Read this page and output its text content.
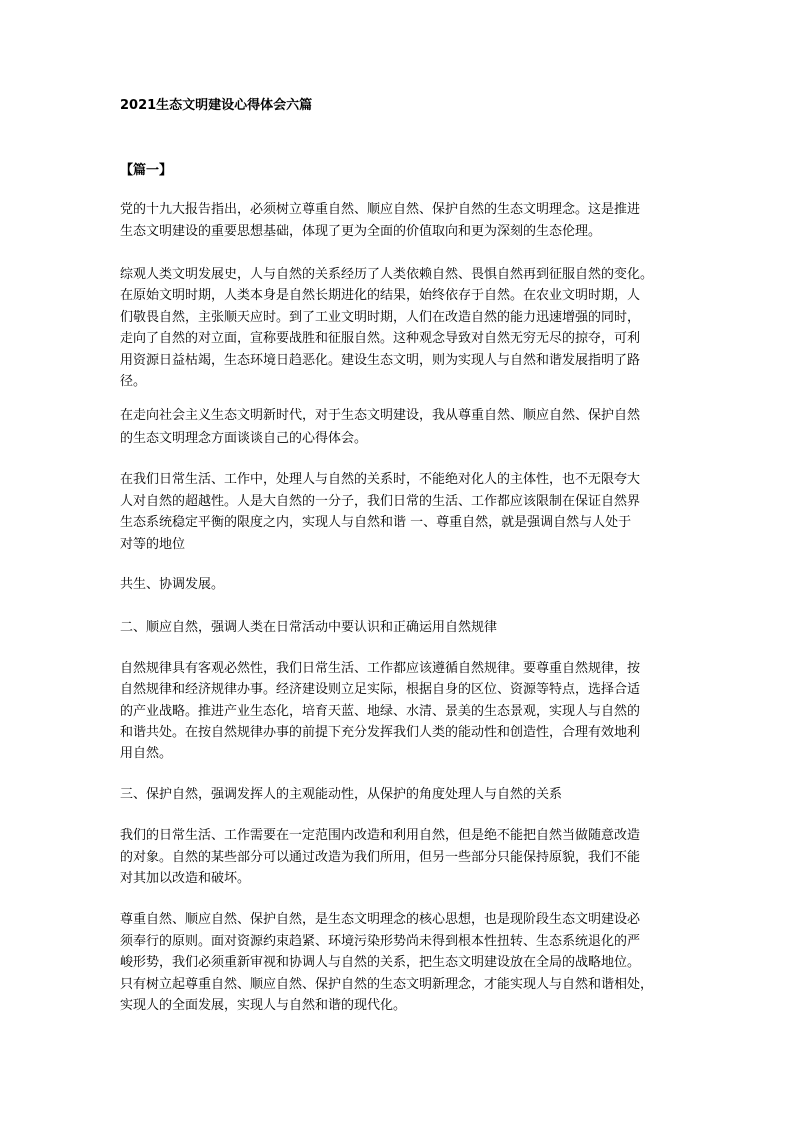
2021生态文明建设心得体会六篇
【篇一】
党的十九大报告指出，必须树立尊重自然、顺应自然、保护自然的生态文明理念。这是推进
生态文明建设的重要思想基础，体现了更为全面的价值取向和更为深刻的生态伦理。
综观人类文明发展史，人与自然的关系经历了人类依赖自然、畏惧自然再到征服自然的变化。
在原始文明时期，人类本身是自然长期进化的结果，始终依存于自然。在农业文明时期，人
们敬畏自然，主张顺天应时。到了工业文明时期，人们在改造自然的能力迅速增强的同时，
走向了自然的对立面，宣称要战胜和征服自然。这种观念导致对自然无穷无尽的掠夺，可利
用资源日益枯竭，生态环境日趋恶化。建设生态文明，则为实现人与自然和谐发展指明了路
径。
在走向社会主义生态文明新时代，对于生态文明建设，我从尊重自然、顺应自然、保护自然
的生态文明理念方面谈谈自己的心得体会。
在我们日常生活、工作中，处理人与自然的关系时，不能绝对化人的主体性，也不无限夸大
人对自然的超越性。人是大自然的一分子，我们日常的生活、工作都应该限制在保证自然界
生态系统稳定平衡的限度之内，实现人与自然和谐 一、尊重自然，就是强调自然与人处于
对等的地位
共生、协调发展。
二、顺应自然，强调人类在日常活动中要认识和正确运用自然规律
自然规律具有客观必然性，我们日常生活、工作都应该遵循自然规律。要尊重自然规律，按
自然规律和经济规律办事。经济建设则立足实际，根据自身的区位、资源等特点，选择合适
的产业战略。推进产业生态化，培育天蓝、地绿、水清、景美的生态景观，实现人与自然的
和谐共处。在按自然规律办事的前提下充分发挥我们人类的能动性和创造性，合理有效地利
用自然。
三、保护自然，强调发挥人的主观能动性，从保护的角度处理人与自然的关系
我们的日常生活、工作需要在一定范围内改造和利用自然，但是绝不能把自然当做随意改造
的对象。自然的某些部分可以通过改造为我们所用，但另一些部分只能保持原貌，我们不能
对其加以改造和破坏。
尊重自然、顺应自然、保护自然，是生态文明理念的核心思想，也是现阶段生态文明建设必
须奉行的原则。面对资源约束趋紧、环境污染形势尚未得到根本性扭转、生态系统退化的严
峻形势，我们必须重新审视和协调人与自然的关系，把生态文明建设放在全局的战略地位。
只有树立起尊重自然、顺应自然、保护自然的生态文明新理念，才能实现人与自然和谐相处，
实现人的全面发展，实现人与自然和谐的现代化。
